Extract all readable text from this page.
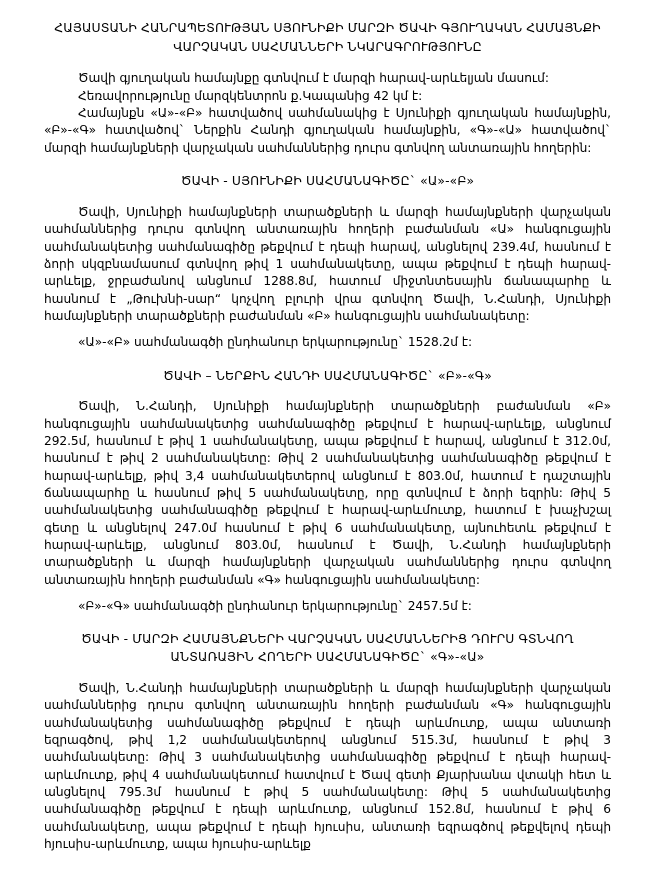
ՀԱՅԱՍՏԱՆԻ ՀԱՆՐԱՊԵՏՈՒԹՅԱՆ ՍՅՈՒՆԻՔԻ ՄԱՐԶԻ ԾԱՎԻ ԳՅՈՒՂԱԿԱՆ ՀԱՄԱՅՆՔԻ
ՎԱՐՉԱԿԱՆ ՍԱՀՄԱՆՆԵՐԻ ՆԿԱՐԱԳՐՈՒԹՅՈՒՆԸ

Ծավի գյուղական համայնքը գտնվում է մարզի հարավ-արևելյան մասում:

Հեռավորությունը մարզկենտրոն ք.Կապանից 42 կմ է:

Համայնքն «Ա»-«Բ» հատվածով սահմանակից է Սյունիքի գյուղական համայնքին, «Բ»-«Գ» հատվածով` Ներքին Հանդի գյուղական համայնքին, «Գ»-«Ա» հատվածով` մարզի համայնքների վարչական սահմաններից դուրս գտնվող անտառային հողերին:

ԾԱՎԻ - ՍՅՈՒՆԻՔԻ ՍԱՀՄԱՆԱԳԻԾԸ` «Ա»-«Բ»

Ծավի, Սյունիքի համայնքների տարածքների և մարզի համայնքների վարչական սահմաններից դուրս գտնվող անտառային հողերի բաժանման «Ա» հանգուցային սահմանակետից սահմանագիծը թեքվում է դեպի հարավ, անցնելով 239.4մ, հասնում է ձորի սկզբնամասում գտնվող թիվ 1 սահմանակետը, ապա թեքվում է դեպի հարավ-արևելք, ջրբաժանով անցնում 1288.8մ, հատում միջտնտեսային ճանապարհը և հասնում է „Թուխնի-սար“ կոչվող բլուրի վրա գտնվող Ծավի, Ն.Հանդի, Սյունիքի համայնքների տարածքների բաժանման «Բ» հանգուցային սահմանակետը:

«Ա»-«Բ» սահմանագծի ընդհանուր երկարությունը` 1528.2մ է:

ԾԱՎԻ – ՆԵՐՔԻՆ ՀԱՆԴԻ ՍԱՀՄԱՆԱԳԻԾԸ` «Բ»-«Գ»

Ծավի, Ն.Հանդի, Սյունիքի համայնքների տարածքների բաժանման «Բ» հանգուցային սահմանակետից սահմանագիծը թեքվում է հարավ-արևելք, անցնում 292.5մ, հասնում է թիվ 1 սահմանակետը, ապա թեքվում է հարավ, անցնում է 312.0մ, հասնում է թիվ 2 սահմանակետը: Թիվ 2 սահմանակետից սահմանագիծը թեքվում է հարավ-արևելք, թիվ 3,4 սահմանակետերով անցնում է 803.0մ, հատում է դաշտային ճանապարհը և հասնում թիվ 5 սահմանակետը, որը գտնվում է ձորի եզրին: Թիվ 5 սահմանակետից սահմանագիծը թեքվում է հարավ-արևմուտք, հատում է խաչխշալ գետը և անցնելով 247.0մ հասնում է թիվ 6 սահմանակետը, այնուհետև թեքվում է հարավ-արևելք, անցնում 803.0մ, հասնում է Ծավի, Ն.Հանդի համայնքների տարածքների և մարզի համայնքների վարչական սահմաններից դուրս գտնվող անտառային հողերի բաժանման «Գ» հանգուցային սահմանակետը:

«Բ»-«Գ» սահմանագծի ընդհանուր երկարությունը` 2457.5մ է:

ԾԱՎԻ - ՄԱՐԶԻ ՀԱՄԱՅՆՔՆԵՐԻ ՎԱՐՉԱԿԱՆ ՍԱՀՄԱՆՆԵՐԻՑ ԴՈՒՐՍ ԳՏՆՎՈՂ
ԱՆՏԱՌԱՅԻՆ ՀՈՂԵՐԻ ՍԱՀՄԱՆԱԳԻԾԸ` «Գ»-«Ա»

Ծավի, Ն.Հանդի համայնքների տարածքների և մարզի համայնքների վարչական սահմաններից դուրս գտնվող անտառային հողերի բաժանման «Գ» հանգուցային սահմանակետից սահմանագիծը թեքվում է դեպի արևմուտք, ապա անտառի եզրագծով, թիվ 1,2 սահմանակետերով անցնում 515.3մ, հասնում է թիվ 3 սահմանակետը: Թիվ 3 սահմանակետից սահմանագիծը թեքվում է դեպի հարավ-արևմուտք, թիվ 4 սահմանակետում հատվում է Ծավ գետի Քյարխանա վտակի հետ և անցնելով 795.3մ հասնում է թիվ 5 սահմանակետը: Թիվ 5 սահմանակետից սահմանագիծը թեքվում է դեպի արևմուտք, անցնում 152.8մ, հասնում է թիվ 6 սահմանակետը, ապա թեքվում է դեպի հյուսիս, անտառի եզրագծով թեքվելով դեպի հյուսիս-արևմուտք, ապա հյուսիս-արևելք
